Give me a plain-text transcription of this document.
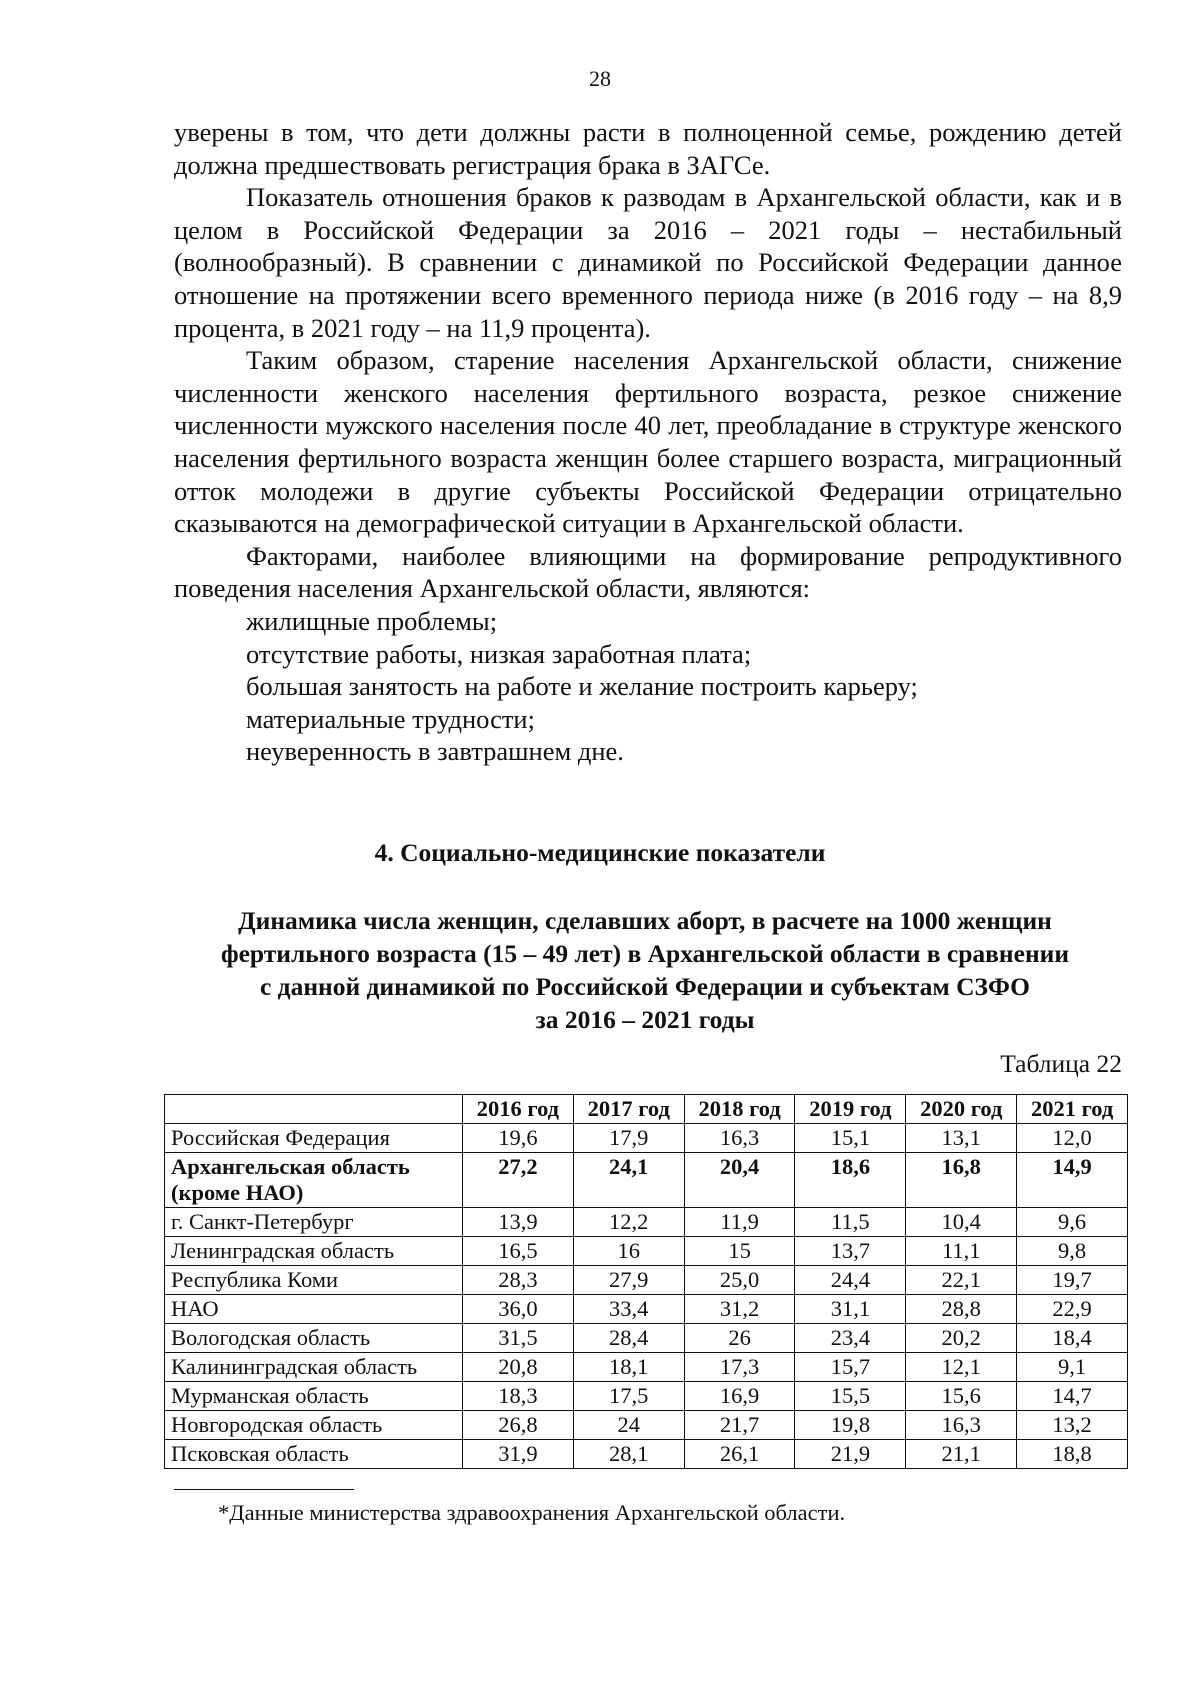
28

уверены в том, что дети должны расти в полноценной семье, рождению детей должна предшествовать регистрация брака в ЗАГСе.

Показатель отношения браков к разводам в Архангельской области, как и в целом в Российской Федерации за 2016 – 2021 годы – нестабильный (волнообразный). В сравнении с динамикой по Российской Федерации данное отношение на протяжении всего временного периода ниже (в 2016 году – на 8,9 процента, в 2021 году – на 11,9 процента).

Таким образом, старение населения Архангельской области, снижение численности женского населения фертильного возраста, резкое снижение численности мужского населения после 40 лет, преобладание в структуре женского населения фертильного возраста женщин более старшего возраста, миграционный отток молодежи в другие субъекты Российской Федерации отрицательно сказываются на демографической ситуации в Архангельской области.

Факторами, наиболее влияющими на формирование репродуктивного поведения населения Архангельской области, являются:

жилищные проблемы;

отсутствие работы, низкая заработная плата;

большая занятость на работе и желание построить карьеру;

материальные трудности;

неуверенность в завтрашнем дне.

4. Социально-медицинские показатели
Динамика числа женщин, сделавших аборт, в расчете на 1000 женщин
фертильного возраста (15 – 49 лет) в Архангельской области в сравнении
с данной динамикой по Российской Федерации и субъектам СЗФО
за 2016 – 2021 годы
Таблица 22
	2016 год	2017 год	2018 год	2019 год	2020 год	2021 год
Российская Федерация	19,6	17,9	16,3	15,1	13,1	12,0
Архангельская область (кроме НАО)	27,2	24,1	20,4	18,6	16,8	14,9
г. Санкт-Петербург	13,9	12,2	11,9	11,5	10,4	9,6
Ленинградская область	16,5	16	15	13,7	11,1	9,8
Республика Коми	28,3	27,9	25,0	24,4	22,1	19,7
НАО	36,0	33,4	31,2	31,1	28,8	22,9
Вологодская область	31,5	28,4	26	23,4	20,2	18,4
Калининградская область	20,8	18,1	17,3	15,7	12,1	9,1
Мурманская область	18,3	17,5	16,9	15,5	15,6	14,7
Новгородская область	26,8	24	21,7	19,8	16,3	13,2
Псковская область	31,9	28,1	26,1	21,9	21,1	18,8
*Данные министерства здравоохранения Архангельской области.
